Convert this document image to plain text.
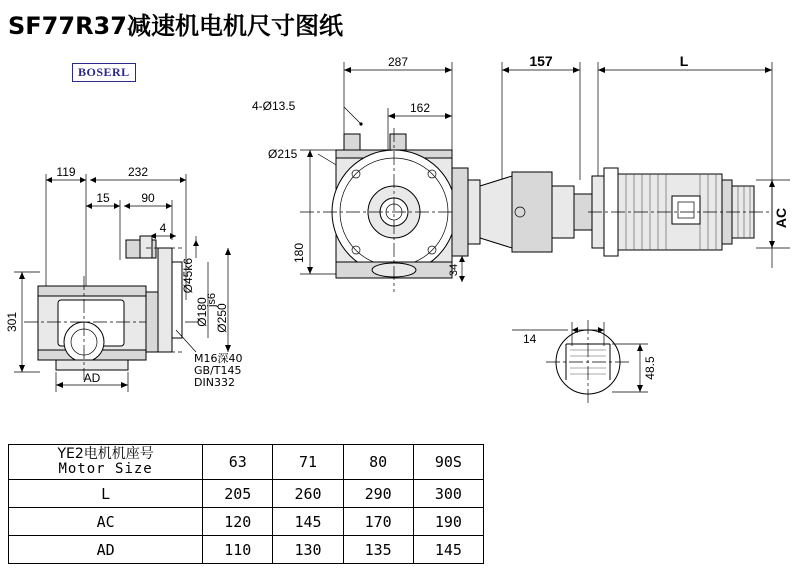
SF77R37减速机电机尺寸图纸
BOSERL
287
162
157	L
4-Ø13.5
Ø215
AC
180
34
14
48.5
119	232
15	90
4
301
AD
Ø45k6
Ø180
js6
Ø250
M16深40
GB/T145
DIN332
YE2电机机座号
Motor Size	63	71	80	90S
L	205	260	290	300
AC	120	145	170	190
AD	110	130	135	145
